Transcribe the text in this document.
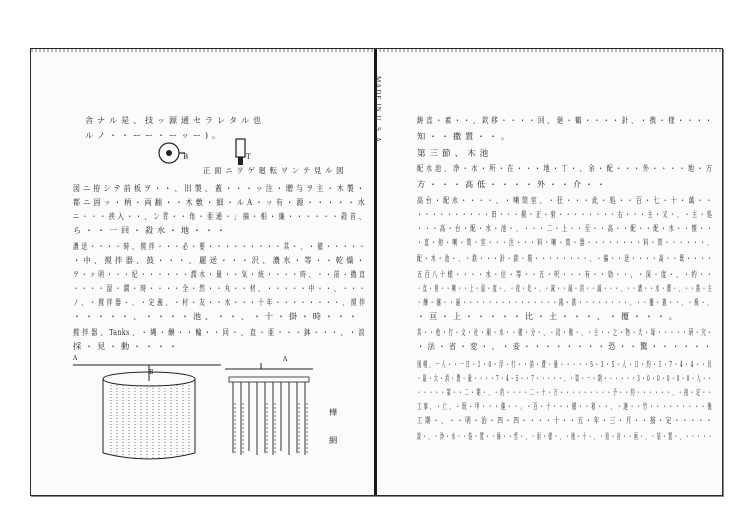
舎 ナ ル 是 、 技 ッ 源 通 セ ラ レ タ ル 也
ル ノ ・ ・ ー ー ・ ー ッ ー ) 。
B	T
正 面 ニ ヲ ゲ 廻 転 ヲ ン テ 見 ル 図
図 ニ 拵 シ テ 前 板 ヲ ・ ・ 、 旧 製 、 蓋 ・ ・ ・ ッ 注 ・ 贈 与 ヲ 主 ・ 木 製 ・
都 ニ 固 ッ ・ 柄 ・ 両 翻 ・ ・ 木 敷 ・ 細 ・ ル A ・ ッ 有 ・ 源 ・ ・ ・ ・ ・ 水
ニ ・ ・ ・ 挟 入 ・ ・ 、 ン 青 ・ ・ 角 ・ 亜 通 ・ 」 摘 ・ 相 ・ 廉 ・ ・ ・ ・ ・ ・ 殺 首 、
ら ・ ・ 一 回 ・ 殺 水 ・ 地 ・ ・ ・
濃 送 ・ ・ ・ ・ 時 、 撹 拌 ・ ・ ・ 必 ・ 要 ・ ・ ・ ・ ・ ・ ・ ・ ・ 其 ・ 、 ・ 備 ・ ・ ・ ・ ・
・ 中 、 撹 拌 器 、 鼓 ・ ・ ・ 、 麗 送 ・ ・ ・ 沢 、 濃 水 ・ 等 ・ ・ 乾 燥 ・
ヲ ・ ヶ 明 ・ ・ ・ 紀 ・ ・ ・ ・ ・ ・ 潤 水 ・ 量 ・ ・ 気 ・ 統 ・ ・ ・ ・ 時 、 ・ ・ 前 ・ 撒 直
・ ・ ・ ・ 湿 ・ 潤 ・ 時 ・ ・ ・ ・ 全 ・ 然 ・ ・ 丸 ・ ・ 材 、 ・ ・ ・ ・ ・ 中 ・ ・ 、 ・ ・ ・
ノ 、 ・ 撹 拌 器 ・ 、 ・ 定 義 、 ・ 村 ・ 友 ・ ・ 水 ・ ・ ・ 十 年 ・ ・ ・ ・ ・ ・ ・ ・ 、 撹 拌
・ ・ ・ ・ ・ 、 ・ ・ ・ ・ 池 、 ・ ・ 、 ・ 十 ・ 掛 ・ 時 ・ ・ ・
撹 拌 器 、 Tanks 、 ・ 縄 ・ 醸 ・ ・ 輪 ・ ・ 同 ・ 、 直 ・ 亜 ・ ・ ・ 鉢 ・ ・ ・ 、 ・ 浪
採 ・ 見 ・ 動 ・ ・ ・ ・
A
B
A
樺
網
鋳 直 ・ 素 ・ ・ 、 欽 移 ・ ・ ・ ・ 回 、 廻 ・ 鶴 ・ ・ ・ ・ 針 、 ・ 携 ・ 様 ・ ・ ・ ・
知 ・ ・ 撒 置 ・ ・ 。
第 三 節 、 木 池
配 水 池 、 浄 ・ 水 ・ 所 ・ 在 ・ ・ ・ 地 ・ 丁 ・ 、 余 ・ 配 ・ ・ ・ 外 ・ ・ ・ ・ 地 ・ 方
方 ・ ・ ・ 高 低 ・ ・ ・ ・ 外 ・ ・ 介 ・ ・
高 台 ・ 配 水 ・ ・ ・ ・ 、 ・ 喇 筒 室 、 ・ 狂 ・ ・ ・ 此 ・ 処 ・ ・ 百 ・ 七 ・ 十 ・ 萬 ・ ・
・ ・ ・ ・ ・ ・ ・ ・ ・ ・ 田 ・ ・ ・ 揚 ・ 正 ・ 射 ・ ・ ・ ・ ・ ・ ・ ・ 右 ・ ・ ・ 主 ・ 又 ・ 、 ・ 主 ・ 処
・ ・ ・ 高 ・ 台 ・ 配 ・ 水 ・ 池 ・ 、 ・ ・ ・ 二 ・ 上 ・ ・ 至 ・ ・ 高 ・ ・ 配 ・ ・ 配 ・ 水 ・ ・ 懐 ・ ・
・ 直 ・ 射 ・ 喇 ・ 筒 ・ 室 ・ ・ ・ 注 ・ ・ ・ 料 ・ 喇 ・ 筒 ・ 器 ・ ・ ・ ・ ・ ・ ・ ・ 料 ・ 筒 ・ ・ ・ ・ ・ ・ 、
配 ・ 水 ・ 池 ・ 、 ・ 鉄 ・ ・ ・ 針 ・ 鉄 ・ 筋 ・ ・ ・ ・ ・ ・ ・ ・ 、 ・ 偏 ・ ・ 送 ・ ・ ・ ・ 高 ・ ・ 既 ・ ・ ・ ・
五 百 八 十 様 ・ ・ ・ ・ 水 ・ 位 ・ 等 ・ ・ 五 ・ 呎 ・ ・ ・ 有 ・ ・ 効 ・ ・ 、 ・ 深 ・ 度 ・ 、 ・ 約 ・ ・
・ 直 ・ 射 ・ ・ 喇 ・ ・ 上 ・ 温 ・ 度 ・ 、 ・ 夜 ・ 化 ・ 、 ・ 減 ・ ・ 減 ・ 消 ・ ・ 滅 ・ ・ ・ 、 ・ ・ 濃 ・ ・ 水 ・ 鑑 ・ 、 ・ ・ 鉄 ・ 主
・ 醸 ・ 濾 ・ ・ 過 ・ ・ ・ ・ ・ ・ ・ ・ ・ ・ ・ ・ ・ ・ ・ 銭 ・ 鉄 ・ ・ ・ ・ ・ ・ ・ ・ 、 ・ ・ 覆 ・ 蓋 ・ ・ 、 ・ 級 ・ 、
・ 亘 ・ 上 ・ ・ ・ ・ ・ 比 ・ 土 ・ ・ ・ 、 ・ 覆 ・ ・ ・ 。
其 ・ ・ 他 ・ 行 ・ 文 ・ 社 ・ 刷 ・ 水 ・ ・ 備 ・ 分 ・ 、 ・ 段 ・ 備 ・ 、 ・ 主 ・ ・ 之 ・ 物 ・ 大 ・ 塚 ・ ・ ・ ・ ・ 研 ・ 究 ・
・ 法 ・ 省 ・ 変 ・ 、 ・ 妾 ・ ・ ・ ・ ・ ・ ・ ・ 恐 ・ ・ 驚 ・ ・ ・ ・ ・ ・
規 模 、 一 人 ・ ・ 一 日 ・ 1 ・ 0 ・ 浮 ・ 行 ・ ・ 消 ・ 費 ・ 量 ・ ・ ・ ・ ・ 5 ・ 3 ・ 5 ・ 人 ・ 口 ・ 約 ・ 1 ・ 7 ・ 4 ・ 4 ・ ・ 貝
・ 最 ・ 大 ・ 消 ・ 費 ・ 量 ・ ・ ・ ・ 7 ・ 4 ・ 5 ・ ・ 7 ・ ・ ・ ・ ・ 、 ・ 第 ・ 一 ・ 期 ・ ・ ・ ・ ・ ・ 3 ・ 0 ・ 0 ・ 0 ・ 0 ・ 0 ・ 人 ・ ・
・ ・ ・ ・ ・ 第 ・ ・ 二 ・ 期 ・ 、 ・ 約 ・ ・ ・ ・ 二 ・ 十 ・ 万 ・ ・ ・ ・ ・ ・ ・ ・ ・ 予 ・ ・ 約 ・ ・ ・ ・ ・ ・ 、 ・ 接 ・ 定 ・ ・
工 事 、 ・ 亡 、 ・ 既 ・ 甲 ・ ・ ・ 蓮 ・ ・ 。 ・ 百 ・ 十 ・ ・ ・ 備 ・ ・ 着 ・ ・ 、 ・ 連 ・ ・ 竹 ・ ・ ・ ・ ・ ・ ・ ・ ・ 後
工 期 ・ 、 ・ ・ 明 ・ 治 ・ 四 ・ 四 ・ ・ ・ ・ 十 ・ ・ 五 ・ 年 ・ 三 ・ 月 ・ ・ 接 ・ 定 ・ ・ ・ ・ ・
説 ・ 、 ・ 浄 ・ 水 ・ ・ 装 ・ 置 ・ ・ 緑 ・ ・ 哲 ・ 、 ・ 雨 ・ 様 ・ 、 ・ 後 ・ 十 ・ 、 ・ 給 ・ 音 ・ ・ 画 ・ 、 ・ 装 ・ 置 ・ 、 ・ ・ ・ ・ ・
MADE IN U. S. A.
